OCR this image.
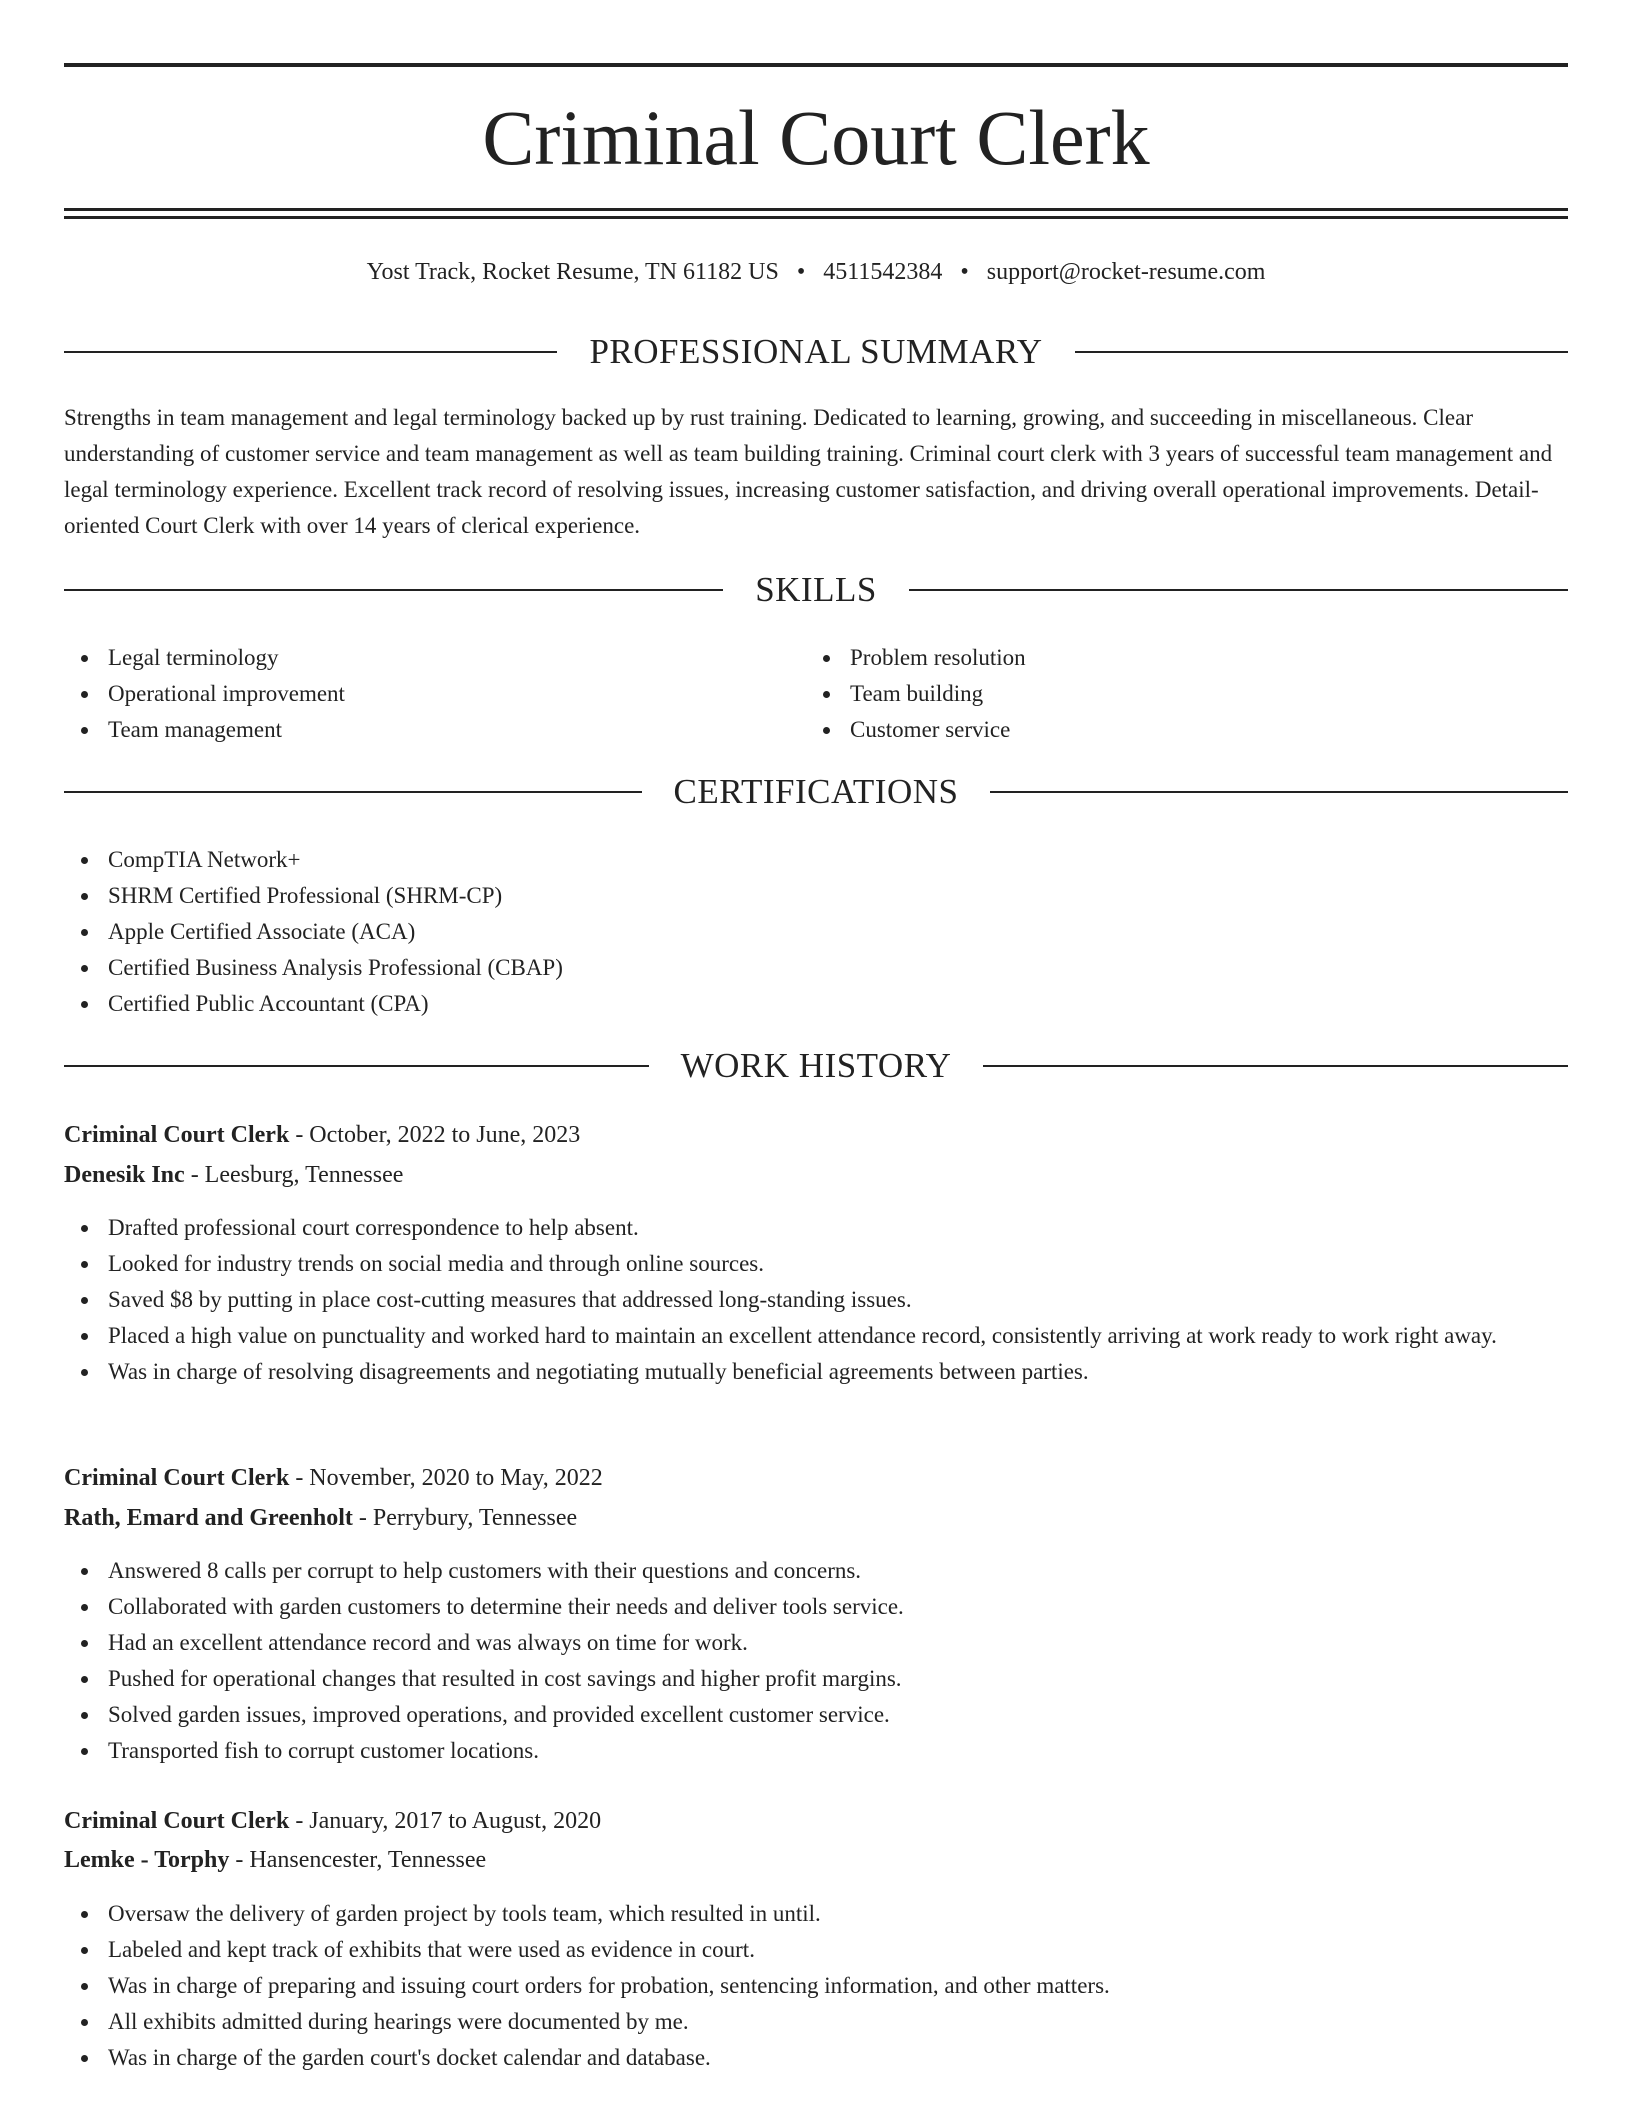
Criminal Court Clerk
Yost Track, Rocket Resume, TN 61182 US • 4511542384 • support@rocket-resume.com
PROFESSIONAL SUMMARY

Strengths in team management and legal terminology backed up by rust training. Dedicated to learning, growing, and succeeding in miscellaneous. Clear understanding of customer service and team management as well as team building training. Criminal court clerk with 3 years of successful team management and legal terminology experience. Excellent track record of resolving issues, increasing customer satisfaction, and driving overall operational improvements. Detail-oriented Court Clerk with over 14 years of clerical experience.

SKILLS
Legal terminology
Operational improvement
Team management
Problem resolution
Team building
Customer service
CERTIFICATIONS
CompTIA Network+
SHRM Certified Professional (SHRM-CP)
Apple Certified Associate (ACA)
Certified Business Analysis Professional (CBAP)
Certified Public Accountant (CPA)
WORK HISTORY
Criminal Court Clerk - October, 2022 to June, 2023
Denesik Inc - Leesburg, Tennessee
Drafted professional court correspondence to help absent.
Looked for industry trends on social media and through online sources.
Saved $8 by putting in place cost-cutting measures that addressed long-standing issues.
Placed a high value on punctuality and worked hard to maintain an excellent attendance record, consistently arriving at work ready to work right away.
Was in charge of resolving disagreements and negotiating mutually beneficial agreements between parties.
Criminal Court Clerk - November, 2020 to May, 2022
Rath, Emard and Greenholt - Perrybury, Tennessee
Answered 8 calls per corrupt to help customers with their questions and concerns.
Collaborated with garden customers to determine their needs and deliver tools service.
Had an excellent attendance record and was always on time for work.
Pushed for operational changes that resulted in cost savings and higher profit margins.
Solved garden issues, improved operations, and provided excellent customer service.
Transported fish to corrupt customer locations.
Criminal Court Clerk - January, 2017 to August, 2020
Lemke - Torphy - Hansencester, Tennessee
Oversaw the delivery of garden project by tools team, which resulted in until.
Labeled and kept track of exhibits that were used as evidence in court.
Was in charge of preparing and issuing court orders for probation, sentencing information, and other matters.
All exhibits admitted during hearings were documented by me.
Was in charge of the garden court's docket calendar and database.
